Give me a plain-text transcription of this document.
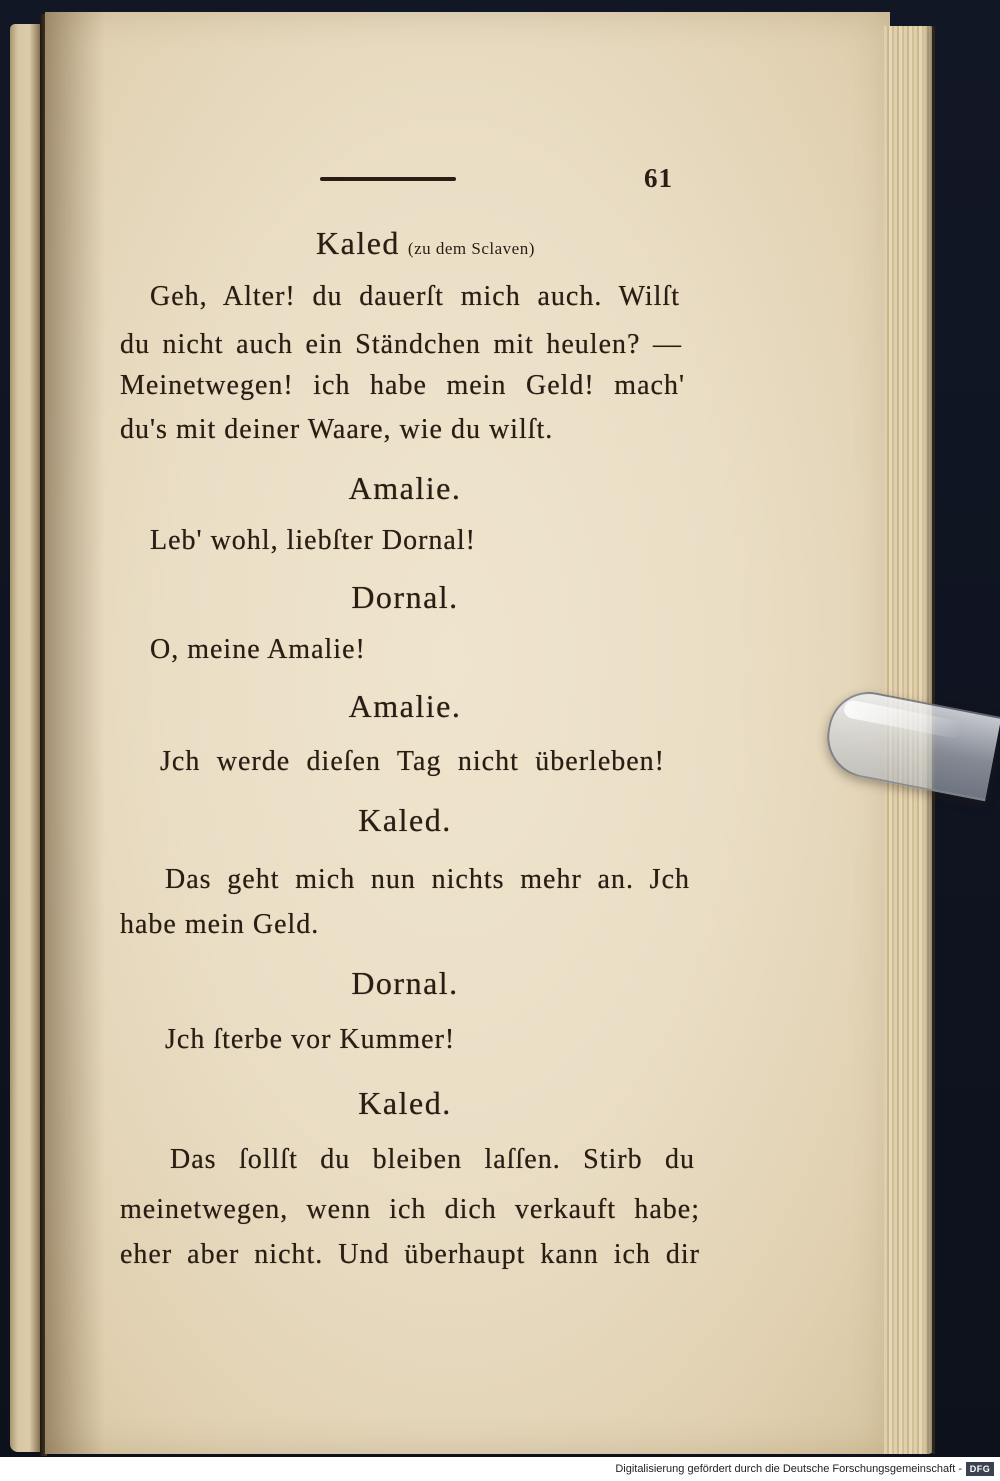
61
Kaled (zu dem Sclaven)
Geh, Alter! du dauerſt mich auch. Wilſt
du nicht auch ein Ständchen mit heulen? —
Meinetwegen! ich habe mein Geld! mach'
du's mit deiner Waare, wie du wilſt.
Amalie.
Leb' wohl, liebſter Dornal!
Dornal.
O, meine Amalie!
Amalie.
Jch werde dieſen Tag nicht überleben!
Kaled.
Das geht mich nun nichts mehr an. Jch
habe mein Geld.
Dornal.
Jch ſterbe vor Kummer!
Kaled.
Das ſollſt du bleiben laſſen. Stirb du
meinetwegen, wenn ich dich verkauft habe;
eher aber nicht. Und überhaupt kann ich dir
Digitalisierung gefördert durch die Deutsche Forschungsgemeinschaft - DFG
